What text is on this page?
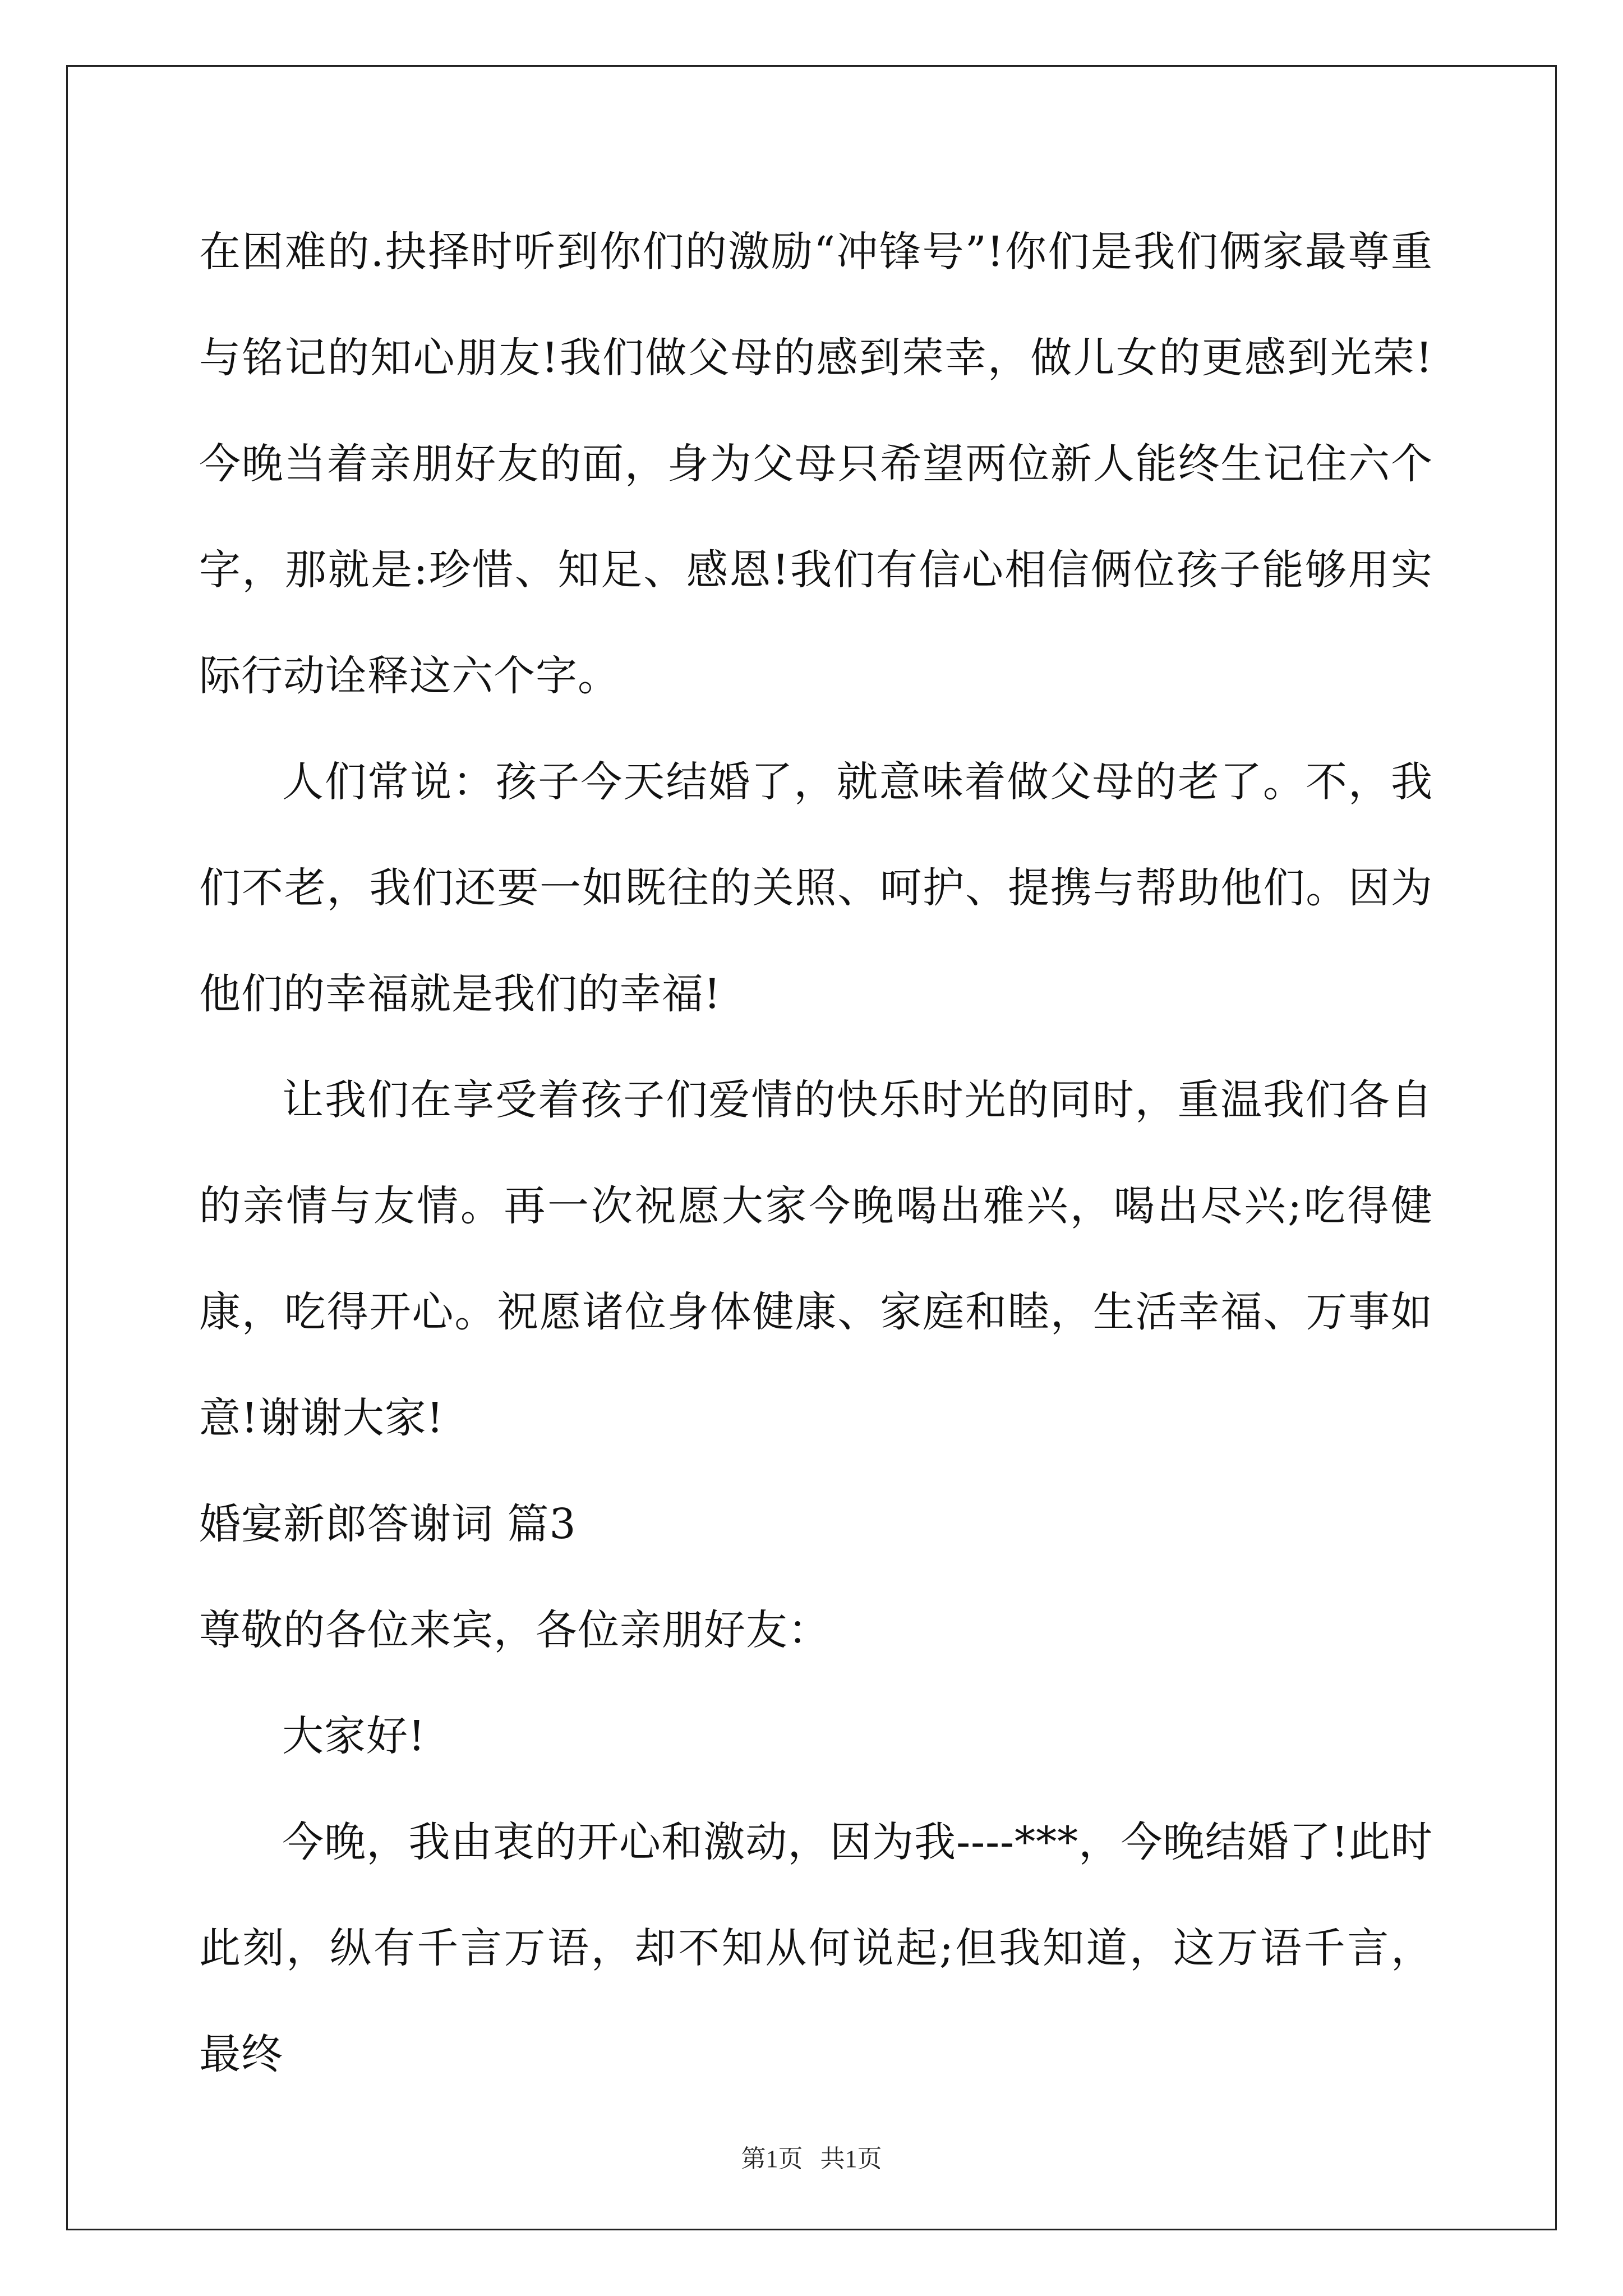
在困难的.抉择时听到你们的激励“冲锋号”!你们是我们俩家最尊重与铭记的知心朋友!我们做父母的感到荣幸，做儿女的更感到光荣!今晚当着亲朋好友的面，身为父母只希望两位新人能终生记住六个字，那就是:珍惜、知足、感恩!我们有信心相信俩位孩子能够用实际行动诠释这六个字。

人们常说：孩子今天结婚了，就意味着做父母的老了。不，我们不老，我们还要一如既往的关照、呵护、提携与帮助他们。因为他们的幸福就是我们的幸福!

让我们在享受着孩子们爱情的快乐时光的同时，重温我们各自的亲情与友情。再一次祝愿大家今晚喝出雅兴，喝出尽兴;吃得健康，吃得开心。祝愿诸位身体健康、家庭和睦，生活幸福、万事如意!谢谢大家!

婚宴新郎答谢词 篇3

尊敬的各位来宾，各位亲朋好友：

大家好!

今晚，我由衷的开心和激动，因为我----***，今晚结婚了!此时此刻，纵有千言万语，却不知从何说起;但我知道，这万语千言，最终

第1页 共1页
